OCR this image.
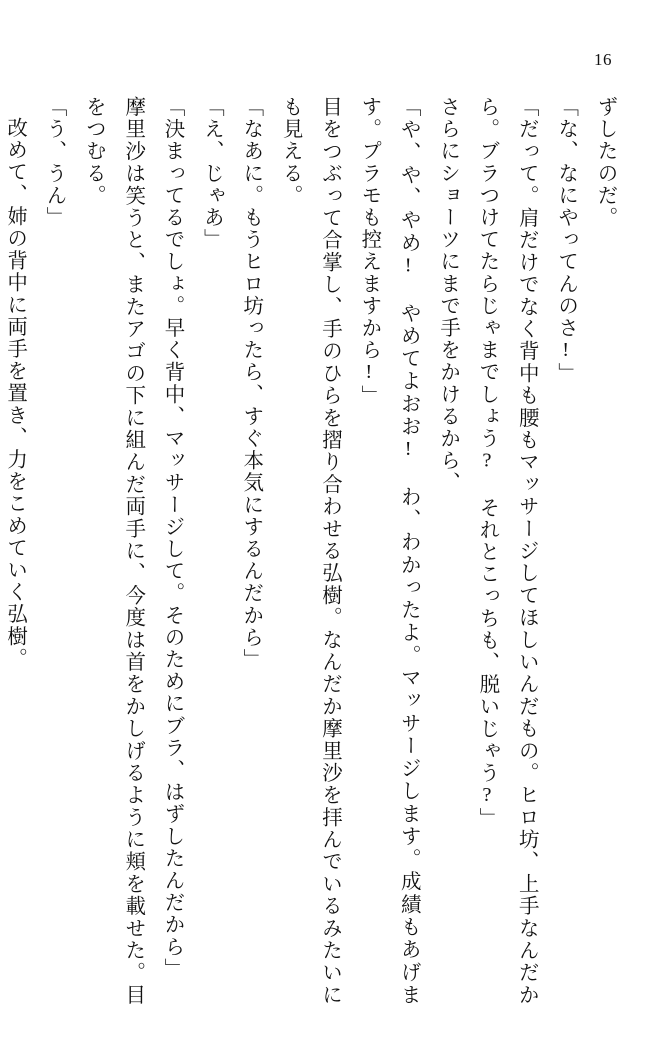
16

ずしたのだ。

「な、なにやってんのさ!」

「だって。肩だけでなく背中も腰もマッサージしてほしいんだもの。ヒロ坊、上手なんだから。ブラつけてたらじゃまでしょう? それとこっちも、脱いじゃう?」

さらにショーツにまで手をかけるから、

「や、や、やめ! やめてよおお! わ、わかったよ。マッサージします。成績もあげます。プラモも控えますから!」

目をつぶって合掌し、手のひらを摺り合わせる弘樹。なんだか摩里沙を拝んでいるみたいにも見える。

「なあに。もうヒロ坊ったら、すぐ本気にするんだから」

「え、じゃあ」

「決まってるでしょ。早く背中、マッサージして。そのためにブラ、はずしたんだから」

摩里沙は笑うと、またアゴの下に組んだ両手に、今度は首をかしげるように頬を載せた。目をつむる。

「う、うん」

改めて、姉の背中に両手を置き、力をこめていく弘樹。
